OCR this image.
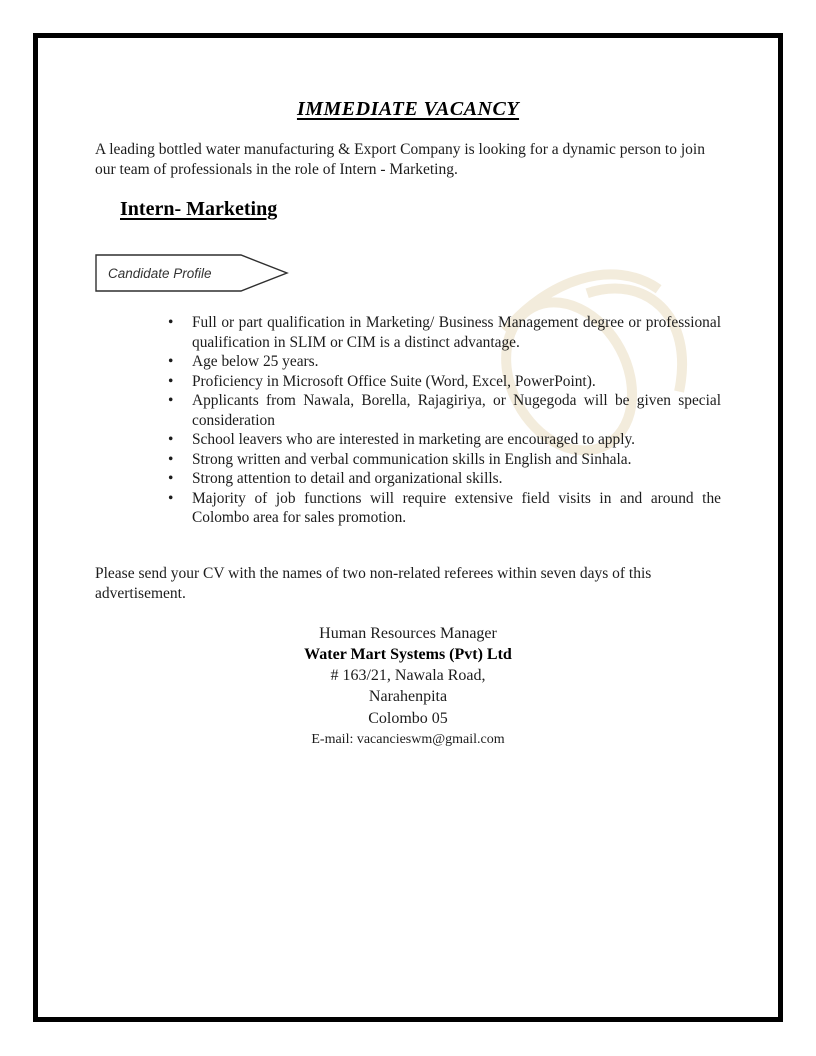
IMMEDIATE VACANCY

A leading bottled water manufacturing & Export Company is looking for a dynamic person to join our team of professionals in the role of Intern - Marketing.

Intern- Marketing
Candidate Profile
• Full or part qualification in Marketing/ Business Management degree or professional qualification in SLIM or CIM is a distinct advantage.
• Age below 25 years.
• Proficiency in Microsoft Office Suite (Word, Excel, PowerPoint).
• Applicants from Nawala, Borella, Rajagiriya, or Nugegoda will be given special consideration
• School leavers who are interested in marketing are encouraged to apply.
• Strong written and verbal communication skills in English and Sinhala.
• Strong attention to detail and organizational skills.
• Majority of job functions will require extensive field visits in and around the Colombo area for sales promotion.

Please send your CV with the names of two non-related referees within seven days of this advertisement.

Human Resources Manager
Water Mart Systems (Pvt) Ltd
# 163/21, Nawala Road,
Narahenpita
Colombo 05
E-mail: vacancieswm@gmail.com
